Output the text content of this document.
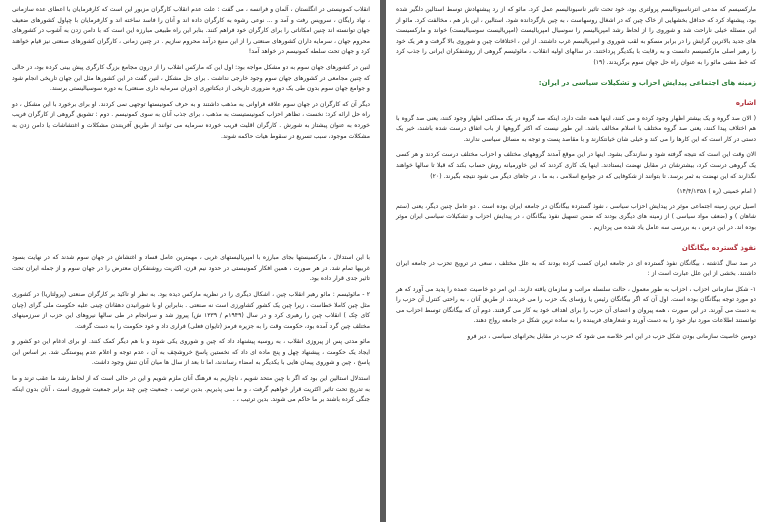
انقلاب کمونیستی در انگلستان ، آلمان و فرانسه ، می گفت : علت عدم انقلاب کارگران مزبور این است که کارفرمایان با اعطای عده سازمانی ، نهاد رایگان ، سرویس رفت و آمد و ... نوعی رشوه به کارگران داده اند و آنان را فاسد ساخته اند و کارفرمایان با چپاول کشورهای ضعیف جهان توانسته اند چنین امکاناتی را برای کارگران خود فراهم کنند. بنابر این راه طبیعی مبارزه این است که با دامن زدن به آشوب در کشورهای محروم جهان ، سرمایه داران کشورهای صنعتی را از این منبع درآمد محروم سازیم . در چنین زمانی ، کارگران کشورهای صنعتی نیز قیام خواهند کرد و جهان تحت سلطه کمونیسم در خواهد آمد!

لنین در کشورهای جهان سوم به دو مشکل مواجه بود: اول این که مارکس انقلاب را از درون مجامع بزرگ کارگری پیش بینی کرده بود، در حالی که چنین مجامعی در کشورهای جهان سوم وجود خارجی نداشت . برای حل مشکل ، لنین گفت در این کشورها مثل این جهان تاریخی انجام شود و جوامع جهان سوم بدون طی یک دوره ضروری تاریخی از دیکتاتوری (دوران سرمایه داری صنعتی) به دوره سوسیالیستی برسند.

دیگر آن که کارگران در جهان سوم علاقه فراوانی به مذهب داشتند و به حرف کمونیستها توجهی نمی کردند. او برای برخورد با این مشکل ، دو راه حل ارائه کرد: نخست ، تظاهر احزاب کمونیستیست به مذهب ، برای جذب آنان به سوی کمونیسم . دوم : تشویق گروهی از کارگران فریب خورده به عنوان پیشتاز به شورش . کارگران اقلیت فریب خورده سرمایه می توانند از طریق آفرینندن مشکلات و اغتشاشات یا دامن زدن به مشکلات موجود، سبب تسریع در سقوط هیات حاکمه شوند.

با این استدلال ، مارکسیستها بجای مبارزه با امپریالیستهای غربی ، مهمترین عامل فساد و اغتشاش در جهان سوم شدند که در نهایت بسود غربیها تمام شد. در هر صورت ، همین افکار کمونیستی در حدود نیم قرن، اکثریت روشنفکران معترض را در جهان سوم و از جمله ایران تحت تاثیر جدی قرار داده بود.

۲ - مائوئیسم : مائو رهبر انقلاب چین ، اشکال دیگری را در نظریه مارکس دیده بود. به نظر او تاکید بر کارگران صنعتی (پرولتاریا) در کشوری مثل چین کاملا خطاست ، زیرا چین یک کشور کشاورزی است نه صنعتی . بنابراین او با شورانیدن دهقانان چینی علیه حکومت ملی گرای (چیان کای چک ) انقلاب چین را رهبری کرد و در سال (۱۹۴۹م / ۱۳۳۹ ش) پیروز شد و سرانجام در طی سالها نیروهای این حزب از سرزمینهای مختلف چین گرد آمده بود، حکومت وقت را به جزیره فرمز (تایوان فعلی) فراری داد و خود حکومت را به دست گرفت.

مائو مدتی پس از پیروزی انقلاب ، به روسیه پیشنهاد داد که چین و شوروی یکی شوند و با هم دیگر کمک کنند. او برای ادغام این دو کشور و ایجاد یک حکومت ، پیشنهاد چهل و پنج ماده ای داد که نخستین پاسخ خروشچف به آن ، عدم توجه و اعلام عدم پیوستگی شد. بر اساس این پاسخ ، چین و شوروی پیمان هایی با یکدیگر به امضاء رساندند، اما تا بعد از سال ها میان آنان تنش وجود داشت.

استدلال استالین این بود که اگر با چین متحد شویم ، ناچاریم به فرهنگ آنان ملزم شویم و این در حالی است که از لحاظ رشد ما عقب ترند و ما به تدریج تحت تاثیر اکثریت قرار خواهیم گرفت ، و ما نمی پذیریم. بدین ترتیب ، جمعیت چین چند برابر جمعیت شوروی است ، آنان بدون اینکه جنگی کرده باشند بر ما حاکم می شوند. بدین ترتیب ، .

مارکسیسم که مدعی انترناسیونالیسم پرولتری بود، خود تحت تاثیر ناسیونالیسم عمل کرد. مائو که از رد پیشنهادش توسط استالین دلگیر شده بود، پیشنهاد کرد که حداقل بخشهایی از خاک چین که در اشغال روسهاست ، به چین بازگردانده شود. استالین ، این بار هم ، مخالفت کرد. مائو از این مسئله خیلی ناراحت شد و شوروی را از لحاظ رشد امپریالیسم را سوسیال امپریالیست (امپریالیست سوسیالیست) خواند و مارکسیست های جدید بالاترین گرایش را در برابر مسکو به لقب شوروی و امپریالیسم غرب داشتند. از این ، اختلافات چین و شوروی بالا گرفت و هر یک خود را رهبر اصلی مارکسیسم دانست و به رقابت با یکدیگر پرداختند. در سالهای اولیه انقلاب ، مائوئیسم گروهی از روشنفکران ایرانی را جذب کرد که خط مشی مائو را به عنوان راه حل جهان سوم برگزیدند. (۱۹)

زمینه های اجتماعی پیدایش احزاب و تشکیلات سیاسی در ایران:
اشاره

( الان صد گروه و یک بیشتر اظهار وجود کرده و می کنند، اینها همه علت دارد، اینکه صد گروه در یک مملکتی اظهار وجود کنند، یعنی صد گروه با هم اختلاف پیدا کنند، یعنی صد گروه مختلف با اسلام مخالف باشد. این طور نیست که اکثر گروهها از باب اتفاق درست شده باشند، خیر یک دستی در کار است که این کارها را می کند و خیلی شان خیانتکارند و با مقاصد پست و توجه به مسائل سیاسی ندارند.

الان وقت این است که نتیجه گرفته شود و سازندگی بشود. اینها در این موقع آمدند گروههای مختلف و احزاب مختلف درست کردند و هر کسی یک گروهی درست کرد، بیشترشان در مقابل نهضت ایستادند. اینها یک کاری کردند که این خاورمیانه روش حساب بکند که قبلا تا سالها خواهند نگذارند که این نهضت به ثمر برسد. تا بتوانند از شکوفایی که در جوامع اسلامی ، به ما ، در جاهای دیگر می شود نتیجه بگیرند. (۲۰)

( امام خمینی (ره ) ۱۴/۴/۱۳۵۸)

اصیل ترین زمینه اجتماعی موثر در پیدایش احزاب سیاسی ، نفوذ گسترده بیگانگان در جامعه ایران بوده است . دو عامل چنین دیگر، یعنی (ستم شاهان ) و (ضعف مواد سیاسی ) از زمینه های دیگری بودند که ضمن تسهیل نفوذ بیگانگان ، در پیدایش احزاب و تشکیلات سیاسی ایران موثر بوده اند. در این درس ، به بررسی سه عامل یاد شده می پردازیم .

نفوذ گسترده بیگانگان

در صد سال گذشته ، بیگانگان نفوذ گسترده ای در جامعه ایران کسب کرده بودند که به علل مختلف ، سعی در ترویج تحزب در جامعه ایران داشتند. بخشی از این علل عبارت است از :

۱- شکل سازمانی احزاب ، احزاب به طور معمول ، حالت سلسله مراتب و سازمان یافته دارند. این امر دو خاصیت عمده را پدید می آورد که هر دو مورد توجه بیگانگان بوده است. اول آن که اگر بیگانگان رئیس یا رؤسای یک حزب را می خریدند، از طریق آنان ، به راحتی کنترل آن حزب را به دست می آورند. در این صورت ، همه پیروان و اعضای آن حزب را برای اهداف خود به کار می گرفتند. دوم آن که بیگانگان توسط احزاب می توانستند اطلاعات مورد نیاز خود را به دست آورند و شعارهای فریبنده را به ساده ترین شکل در جامعه رواج دهند.

دومین خاصیت سازمانی بودن شکل حزب در این امر خلاصه می شود که حزب در مقابل بحرانهای سیاسی ، دیر فرو
